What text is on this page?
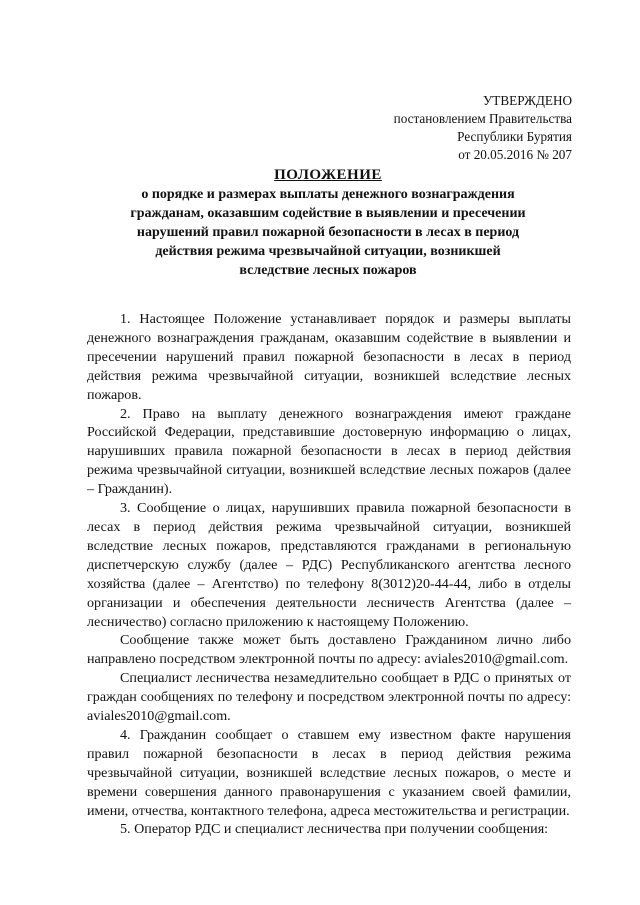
УТВЕРЖДЕНО
постановлением Правительства
Республики Бурятия
от 20.05.2016 № 207
ПОЛОЖЕНИЕ
о порядке и размерах выплаты денежного вознаграждения
гражданам, оказавшим содействие в выявлении и пресечении
нарушений правил пожарной безопасности в лесах в период
действия режима чрезвычайной ситуации, возникшей
вследствие лесных пожаров

1. Настоящее Положение устанавливает порядок и размеры выплаты денежного вознаграждения гражданам, оказавшим содействие в выявлении и пресечении нарушений правил пожарной безопасности в лесах в период действия режима чрезвычайной ситуации, возникшей вследствие лесных пожаров.

2. Право на выплату денежного вознаграждения имеют граждане Российской Федерации, представившие достоверную информацию о лицах, нарушивших правила пожарной безопасности в лесах в период действия режима чрезвычайной ситуации, возникшей вследствие лесных пожаров (далее – Гражданин).

3. Сообщение о лицах, нарушивших правила пожарной безопасности в лесах в период действия режима чрезвычайной ситуации, возникшей вследствие лесных пожаров, представляются гражданами в региональную диспетчерскую службу (далее – РДС) Республиканского агентства лесного хозяйства (далее – Агентство) по телефону 8(3012)20-44-44, либо в отделы организации и обеспечения деятельности лесничеств Агентства (далее – лесничество) согласно приложению к настоящему Положению.

Сообщение также может быть доставлено Гражданином лично либо направлено посредством электронной почты по адресу: aviales2010@gmail.com.

Специалист лесничества незамедлительно сообщает в РДС о принятых от граждан сообщениях по телефону и посредством электронной почты по адресу: aviales2010@gmail.com.

4. Гражданин сообщает о ставшем ему известном факте нарушения правил пожарной безопасности в лесах в период действия режима чрезвычайной ситуации, возникшей вследствие лесных пожаров, о месте и времени совершения данного правонарушения с указанием своей фамилии, имени, отчества, контактного телефона, адреса местожительства и регистрации.

5. Оператор РДС и специалист лесничества при получении сообщения:
